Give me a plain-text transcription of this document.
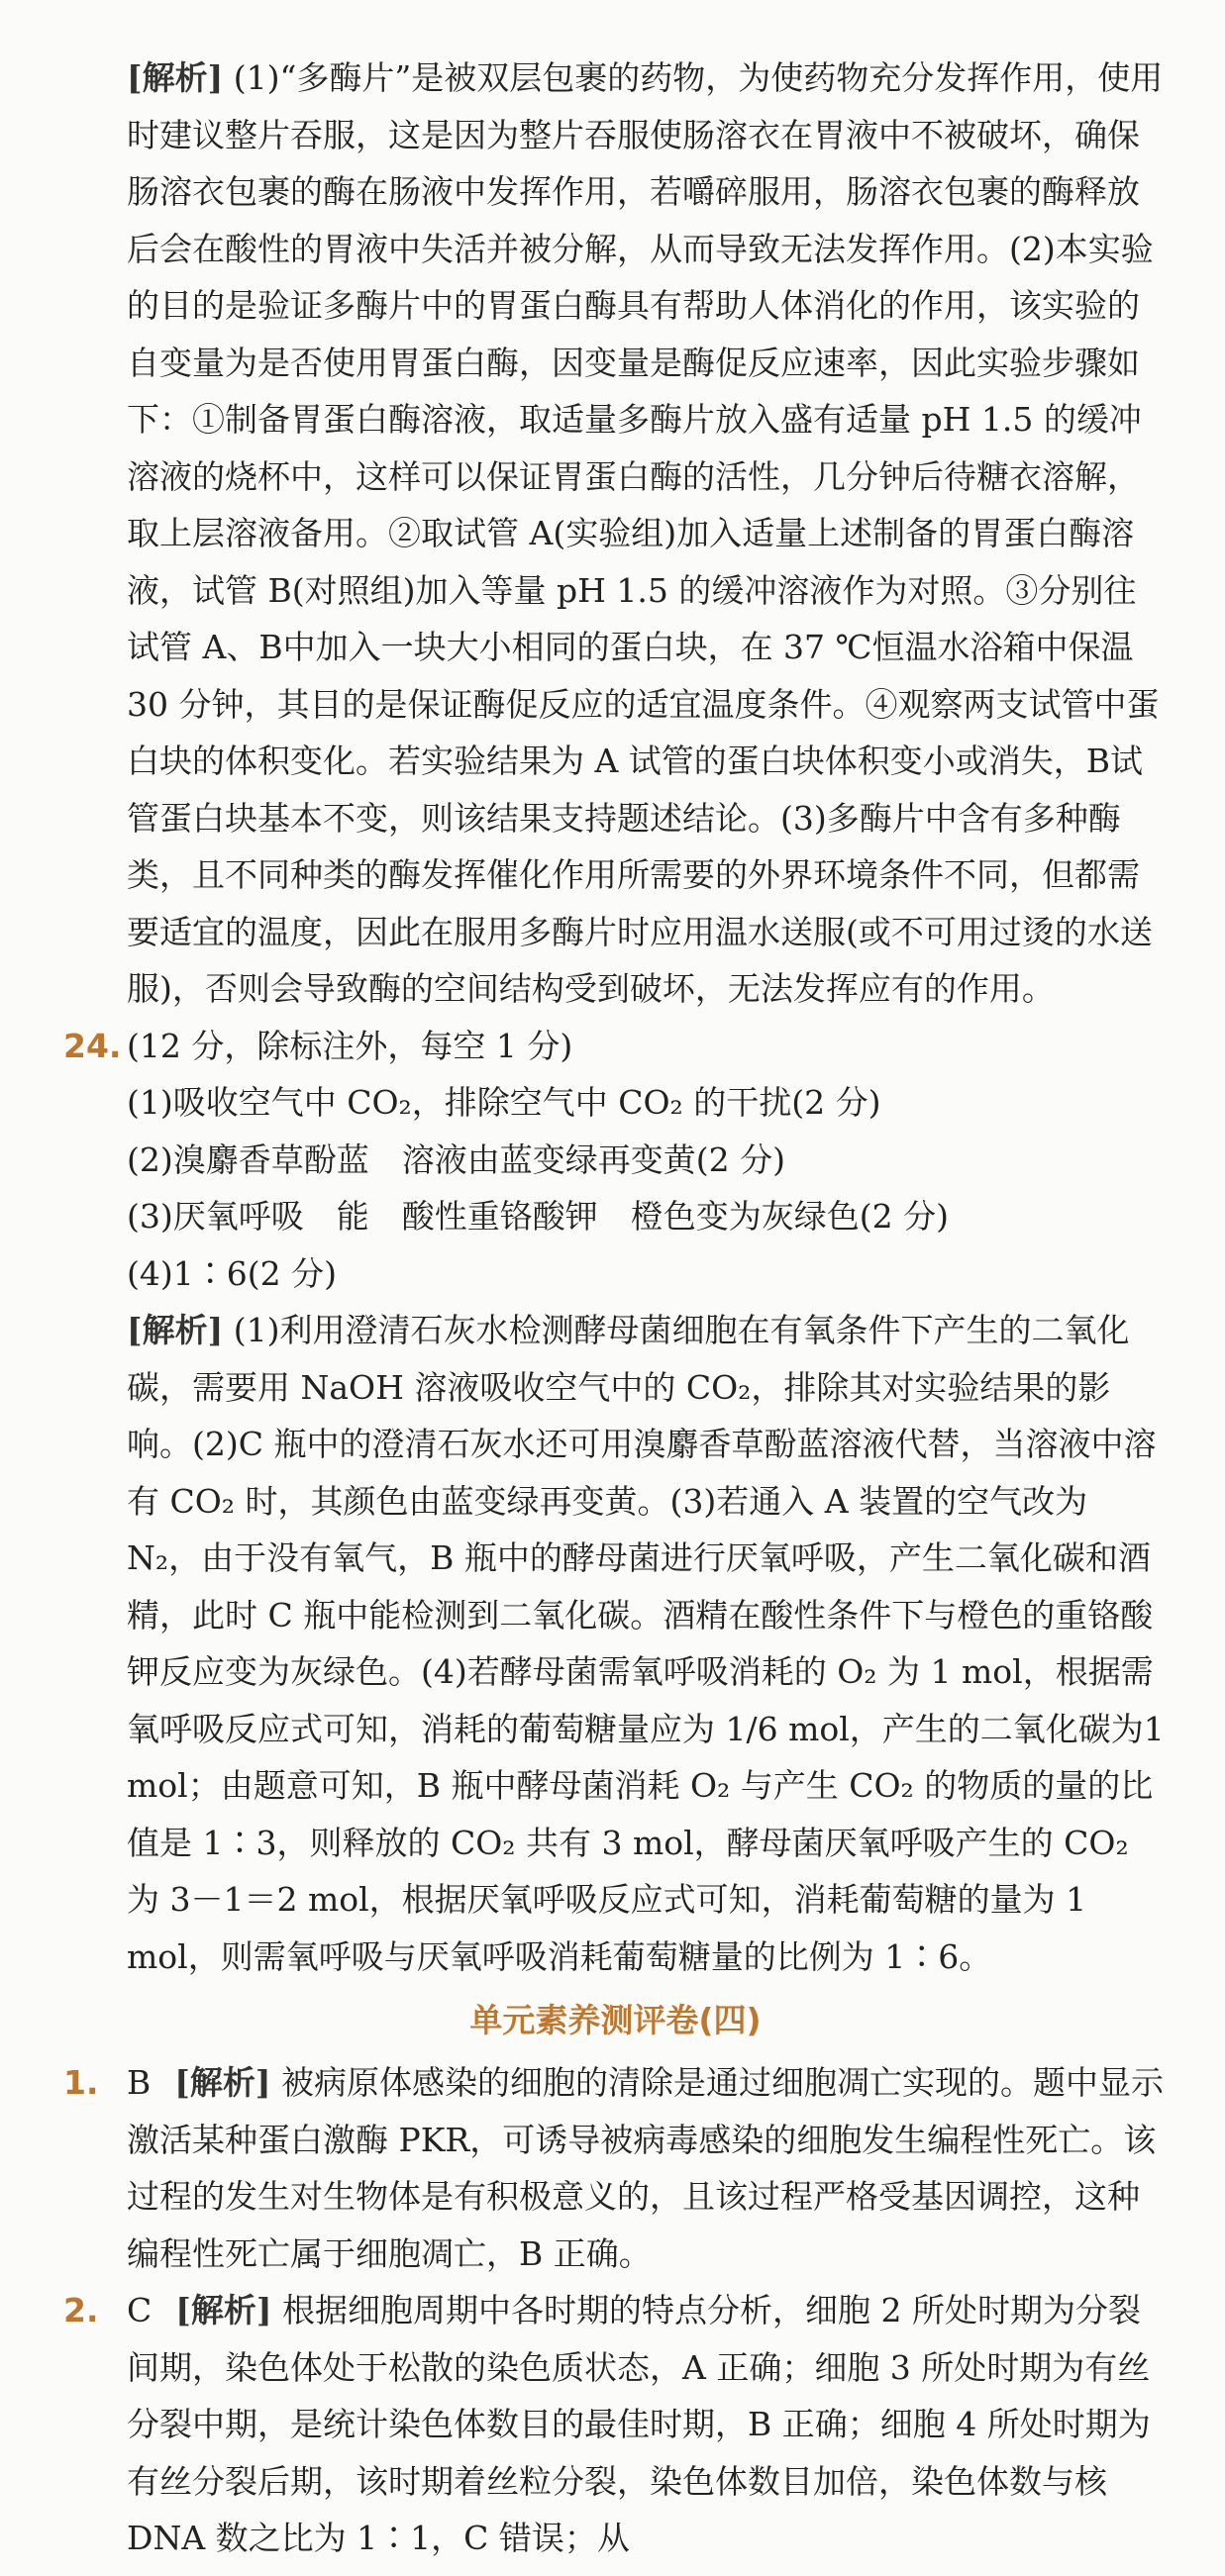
[解析] (1)“多酶片”是被双层包裹的药物，为使药物充分发挥作用，使用时建议整片吞服，这是因为整片吞服使肠溶衣在胃液中不被破坏，确保肠溶衣包裹的酶在肠液中发挥作用，若嚼碎服用，肠溶衣包裹的酶释放后会在酸性的胃液中失活并被分解，从而导致无法发挥作用。(2)本实验的目的是验证多酶片中的胃蛋白酶具有帮助人体消化的作用，该实验的自变量为是否使用胃蛋白酶，因变量是酶促反应速率，因此实验步骤如下：①制备胃蛋白酶溶液，取适量多酶片放入盛有适量 pH 1.5 的缓冲溶液的烧杯中，这样可以保证胃蛋白酶的活性，几分钟后待糖衣溶解，取上层溶液备用。②取试管 A(实验组)加入适量上述制备的胃蛋白酶溶液，试管 B(对照组)加入等量 pH 1.5 的缓冲溶液作为对照。③分别往试管 A、B中加入一块大小相同的蛋白块，在 37 ℃恒温水浴箱中保温 30 分钟，其目的是保证酶促反应的适宜温度条件。④观察两支试管中蛋白块的体积变化。若实验结果为 A 试管的蛋白块体积变小或消失，B试管蛋白块基本不变，则该结果支持题述结论。(3)多酶片中含有多种酶类，且不同种类的酶发挥催化作用所需要的外界环境条件不同，但都需要适宜的温度，因此在服用多酶片时应用温水送服(或不可用过烫的水送服)，否则会导致酶的空间结构受到破坏，无法发挥应有的作用。

24. (12 分，除标注外，每空 1 分)

(1)吸收空气中 CO₂，排除空气中 CO₂ 的干扰(2 分)

(2)溴麝香草酚蓝　溶液由蓝变绿再变黄(2 分)

(3)厌氧呼吸　能　酸性重铬酸钾　橙色变为灰绿色(2 分)

(4)1∶6(2 分)

[解析] (1)利用澄清石灰水检测酵母菌细胞在有氧条件下产生的二氧化碳，需要用 NaOH 溶液吸收空气中的 CO₂，排除其对实验结果的影响。(2)C 瓶中的澄清石灰水还可用溴麝香草酚蓝溶液代替，当溶液中溶有 CO₂ 时，其颜色由蓝变绿再变黄。(3)若通入 A 装置的空气改为 N₂，由于没有氧气，B 瓶中的酵母菌进行厌氧呼吸，产生二氧化碳和酒精，此时 C 瓶中能检测到二氧化碳。酒精在酸性条件下与橙色的重铬酸钾反应变为灰绿色。(4)若酵母菌需氧呼吸消耗的 O₂ 为 1 mol，根据需氧呼吸反应式可知，消耗的葡萄糖量应为 1/6 mol，产生的二氧化碳为1 mol；由题意可知，B 瓶中酵母菌消耗 O₂ 与产生 CO₂ 的物质的量的比值是 1∶3，则释放的 CO₂ 共有 3 mol，酵母菌厌氧呼吸产生的 CO₂ 为 3－1＝2 mol，根据厌氧呼吸反应式可知，消耗葡萄糖的量为 1 mol，则需氧呼吸与厌氧呼吸消耗葡萄糖量的比例为 1∶6。

单元素养测评卷(四)
1. B [解析] 被病原体感染的细胞的清除是通过细胞凋亡实现的。题中显示激活某种蛋白激酶 PKR，可诱导被病毒感染的细胞发生编程性死亡。该过程的发生对生物体是有积极意义的，且该过程严格受基因调控，这种编程性死亡属于细胞凋亡，B 正确。

2. C [解析] 根据细胞周期中各时期的特点分析，细胞 2 所处时期为分裂间期，染色体处于松散的染色质状态，A 正确；细胞 3 所处时期为有丝分裂中期，是统计染色体数目的最佳时期，B 正确；细胞 4 所处时期为有丝分裂后期，该时期着丝粒分裂，染色体数目加倍，染色体数与核 DNA 数之比为 1∶1，C 错误；从
